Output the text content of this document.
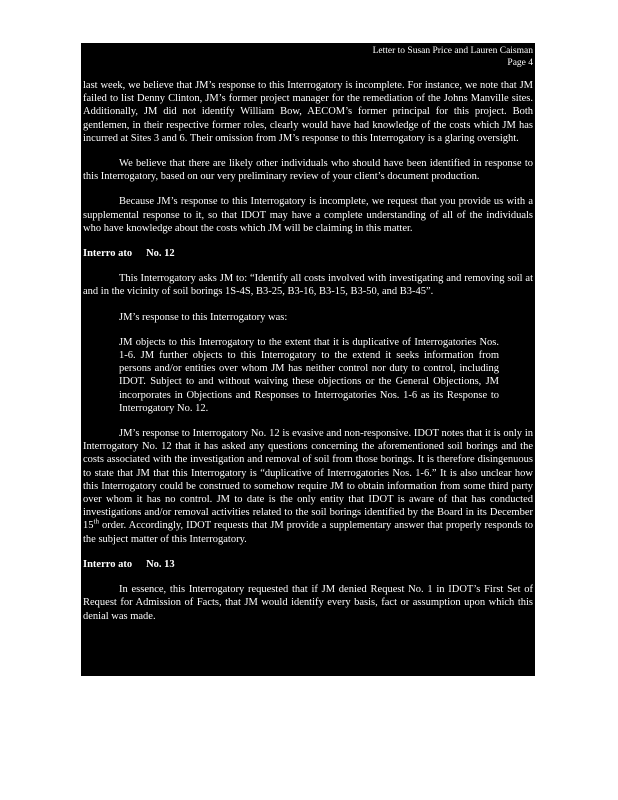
Letter to Susan Price and Lauren Caisman
Page 4

last week, we believe that JM’s response to this Interrogatory is incomplete. For instance, we note that JM failed to list Denny Clinton, JM’s former project manager for the remediation of the Johns Manville sites. Additionally, JM did not identify William Bow, AECOM’s former principal for this project. Both gentlemen, in their respective former roles, clearly would have had knowledge of the costs which JM has incurred at Sites 3 and 6. Their omission from JM’s response to this Interrogatory is a glaring oversight.

We believe that there are likely other individuals who should have been identified in response to this Interrogatory, based on our very preliminary review of your client’s document production.

Because JM’s response to this Interrogatory is incomplete, we request that you provide us with a supplemental response to it, so that IDOT may have a complete understanding of all of the individuals who have knowledge about the costs which JM will be claiming in this matter.

Interro atо No. 12

This Interrogatory asks JM to: “Identify all costs involved with investigating and removing soil at and in the vicinity of soil borings 1S-4S, B3-25, B3-16, B3-15, B3-50, and B3-45”.

JM’s response to this Interrogatory was:

JM objects to this Interrogatory to the extent that it is duplicative of Interrogatories Nos. 1-6. JM further objects to this Interrogatory to the extend it seeks information from persons and/or entities over whom JM has neither control nor duty to control, including IDOT. Subject to and without waiving these objections or the General Objections, JM incorporates in Objections and Responses to Interrogatories Nos. 1-6 as its Response to Interrogatory No. 12.

JM’s response to Interrogatory No. 12 is evasive and non-responsive. IDOT notes that it is only in Interrogatory No. 12 that it has asked any questions concerning the aforementioned soil borings and the costs associated with the investigation and removal of soil from those borings. It is therefore disingenuous to state that JM that this Interrogatory is “duplicative of Interrogatories Nos. 1-6.” It is also unclear how this Interrogatory could be construed to somehow require JM to obtain information from some third party over whom it has no control. JM to date is the only entity that IDOT is aware of that has conducted investigations and/or removal activities related to the soil borings identified by the Board in its December 15th order. Accordingly, IDOT requests that JM provide a supplementary answer that properly responds to the subject matter of this Interrogatory.

Interro atо No. 13

In essence, this Interrogatory requested that if JM denied Request No. 1 in IDOT’s First Set of Request for Admission of Facts, that JM would identify every basis, fact or assumption upon which this denial was made.
